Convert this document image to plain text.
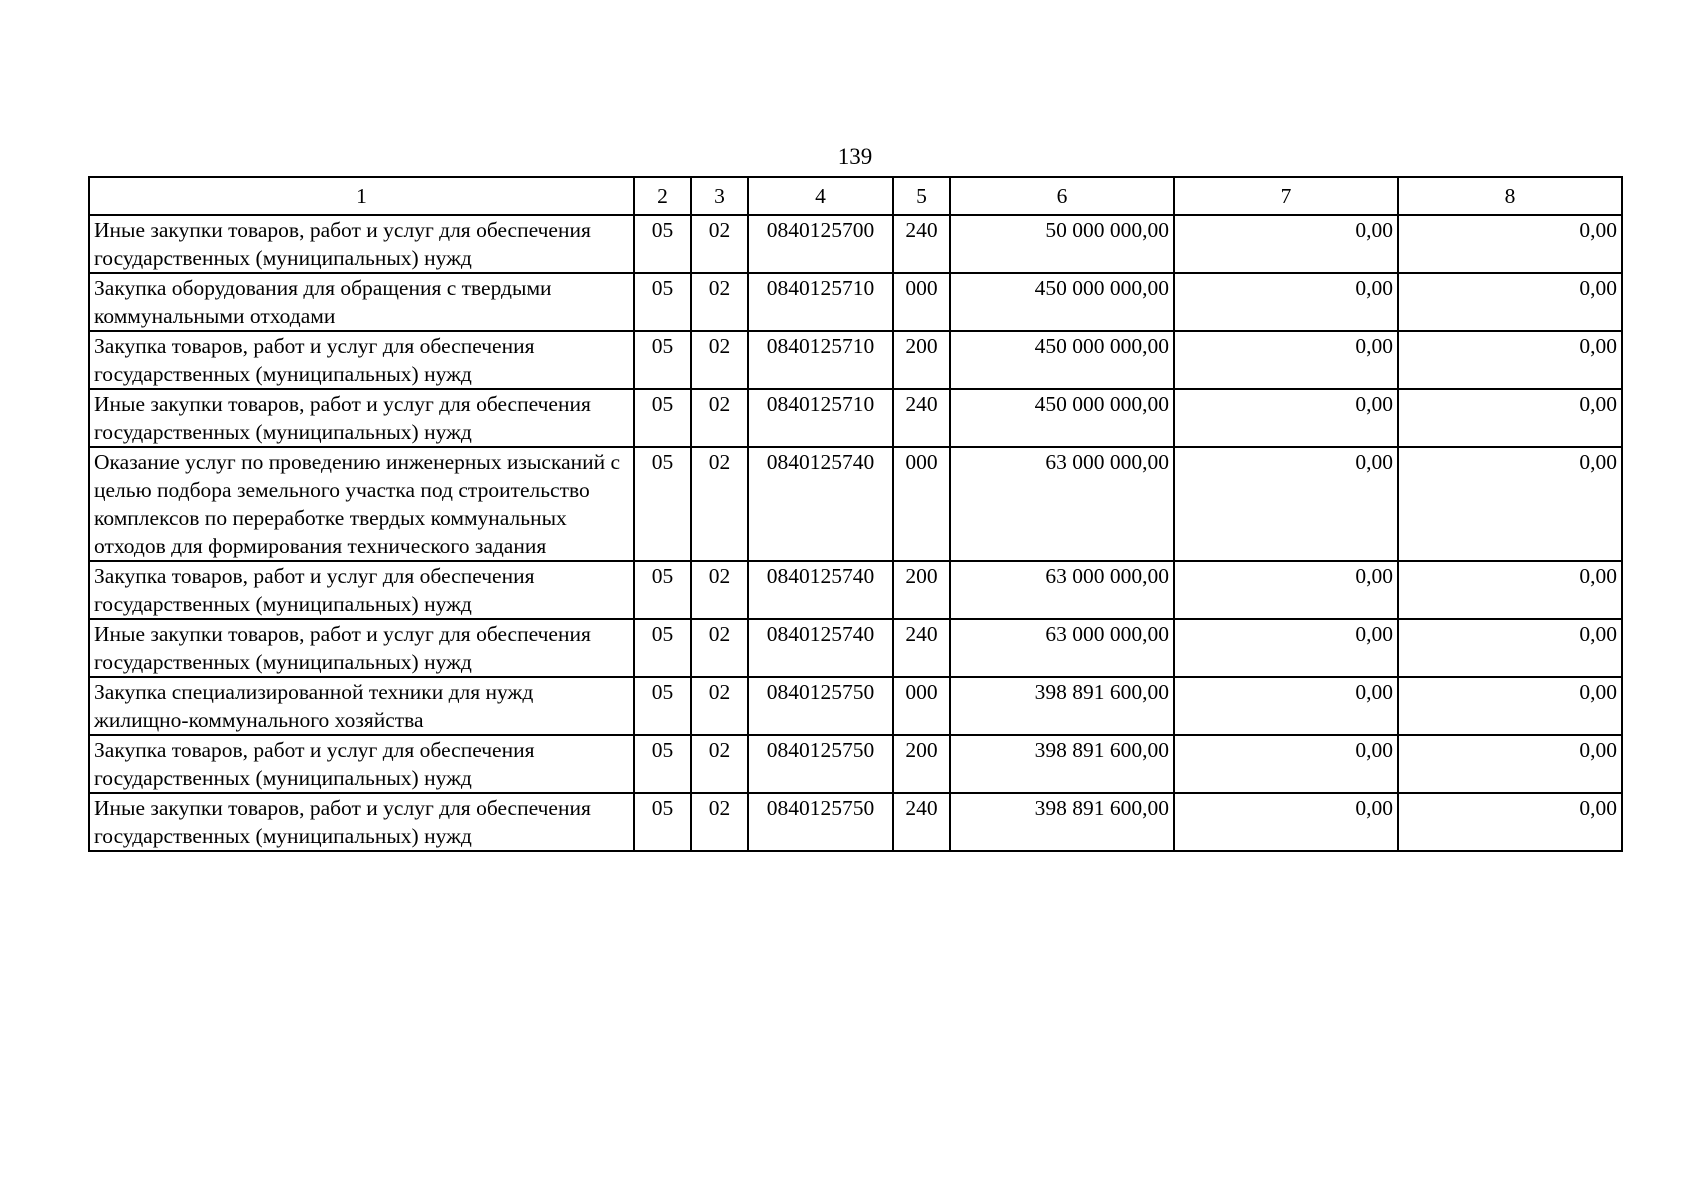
139
1	2	3	4	5	6	7	8
Иные закупки товаров, работ и услуг для обеспечения государственных (муниципальных) нужд	05	02	0840125700	240	50 000 000,00	0,00	0,00
Закупка оборудования для обращения с твердыми коммунальными отходами	05	02	0840125710	000	450 000 000,00	0,00	0,00
Закупка товаров, работ и услуг для обеспечения государственных (муниципальных) нужд	05	02	0840125710	200	450 000 000,00	0,00	0,00
Иные закупки товаров, работ и услуг для обеспечения государственных (муниципальных) нужд	05	02	0840125710	240	450 000 000,00	0,00	0,00
Оказание услуг по проведению инженерных изысканий с целью подбора земельного участка под строительство комплексов по переработке твердых коммунальных отходов для формирования технического задания	05	02	0840125740	000	63 000 000,00	0,00	0,00
Закупка товаров, работ и услуг для обеспечения государственных (муниципальных) нужд	05	02	0840125740	200	63 000 000,00	0,00	0,00
Иные закупки товаров, работ и услуг для обеспечения государственных (муниципальных) нужд	05	02	0840125740	240	63 000 000,00	0,00	0,00
Закупка специализированной техники для нужд жилищно-коммунального хозяйства	05	02	0840125750	000	398 891 600,00	0,00	0,00
Закупка товаров, работ и услуг для обеспечения государственных (муниципальных) нужд	05	02	0840125750	200	398 891 600,00	0,00	0,00
Иные закупки товаров, работ и услуг для обеспечения государственных (муниципальных) нужд	05	02	0840125750	240	398 891 600,00	0,00	0,00
